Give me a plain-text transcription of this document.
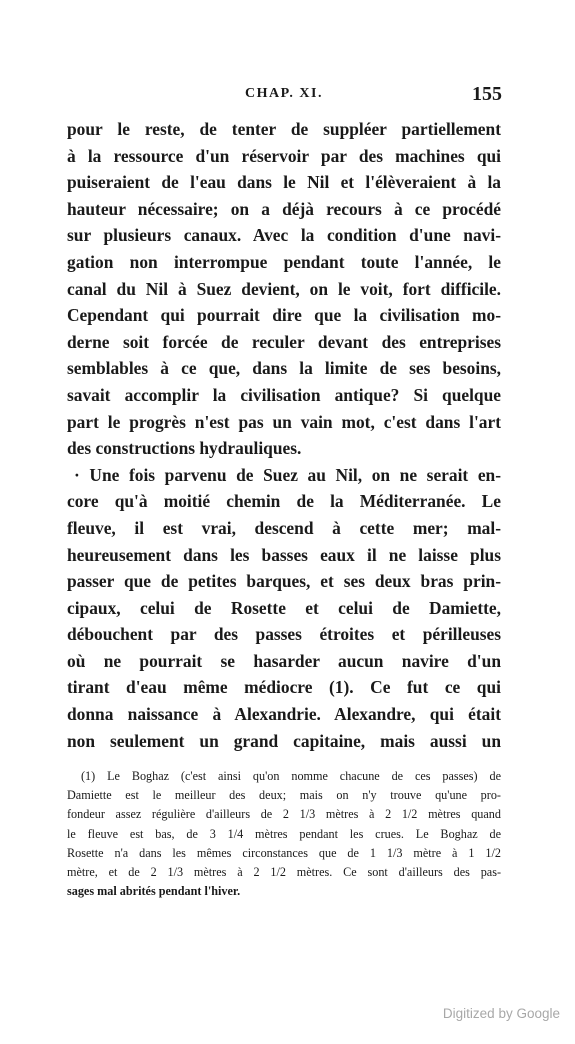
CHAP. XI.	155
pour le reste, de tenter de suppléer partiellement
à la ressource d'un réservoir par des machines qui
puiseraient de l'eau dans le Nil et l'élèveraient à la
hauteur nécessaire; on a déjà recours à ce procédé
sur plusieurs canaux. Avec la condition d'une navi-
gation non interrompue pendant toute l'année, le
canal du Nil à Suez devient, on le voit, fort difficile.
Cependant qui pourrait dire que la civilisation mo-
derne soit forcée de reculer devant des entreprises
semblables à ce que, dans la limite de ses besoins,
savait accomplir la civilisation antique? Si quelque
part le progrès n'est pas un vain mot, c'est dans l'art
des constructions hydrauliques.
· Une fois parvenu de Suez au Nil, on ne serait en-
core qu'à moitié chemin de la Méditerranée. Le
fleuve, il est vrai, descend à cette mer; mal-
heureusement dans les basses eaux il ne laisse plus
passer que de petites barques, et ses deux bras prin-
cipaux, celui de Rosette et celui de Damiette,
débouchent par des passes étroites et périlleuses
où ne pourrait se hasarder aucun navire d'un
tirant d'eau même médiocre (1). Ce fut ce qui
donna naissance à Alexandrie. Alexandre, qui était
non seulement un grand capitaine, mais aussi un
(1) Le Boghaz (c'est ainsi qu'on nomme chacune de ces passes) de
Damiette est le meilleur des deux; mais on n'y trouve qu'une pro-
fondeur assez régulière d'ailleurs de 2 1/3 mètres à 2 1/2 mètres quand
le fleuve est bas, de 3 1/4 mètres pendant les crues. Le Boghaz de
Rosette n'a dans les mêmes circonstances que de 1 1/3 mètre à 1 1/2
mètre, et de 2 1/3 mètres à 2 1/2 mètres. Ce sont d'ailleurs des pas-
sages mal abrités pendant l'hiver.
Digitized by Google
